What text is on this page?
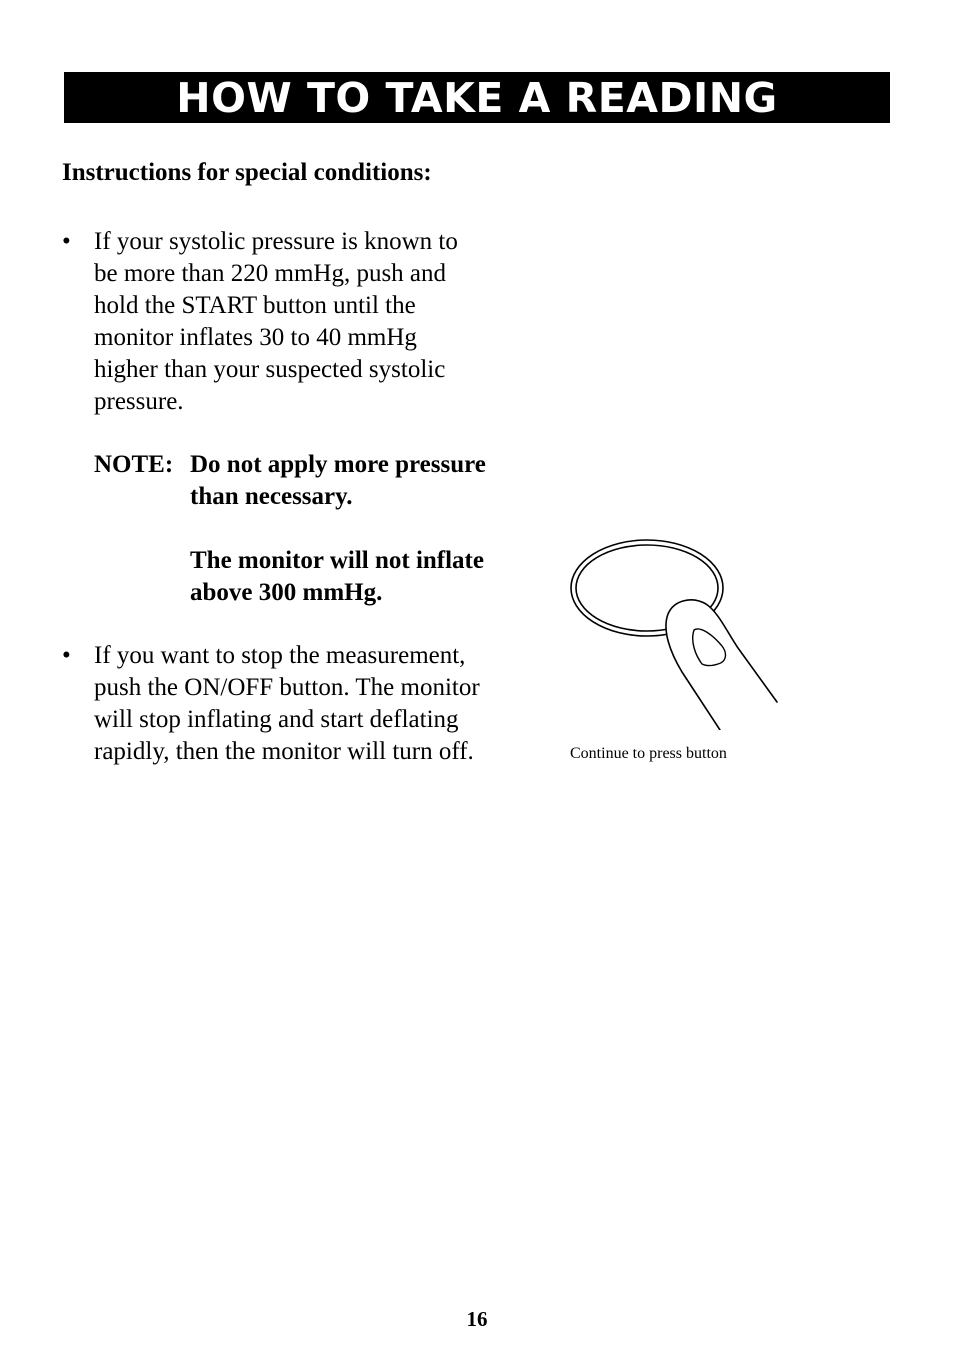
HOW TO TAKE A READING
Instructions for special conditions:
• If your systolic pressure is known to
be more than 220 mmHg, push and
hold the START button until the
monitor inflates 30 to 40 mmHg
higher than your suspected systolic
pressure.
NOTE: Do not apply more pressure
than necessary.
The monitor will not inflate
above 300 mmHg.
• If you want to stop the measurement,
push the ON/OFF button. The monitor
will stop inflating and start deflating
rapidly, then the monitor will turn off.	Continue to press button
16
